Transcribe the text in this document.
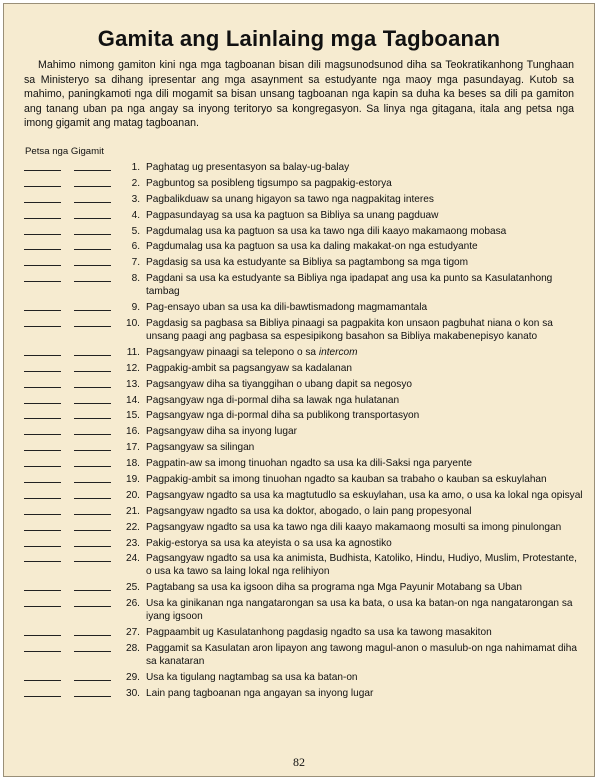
Gamita ang Lainlaing mga Tagboanan
Mahimo nimong gamiton kini nga mga tagboanan bisan dili magsunodsunod diha sa Teokratikanhong Tunghaan sa Ministeryo sa dihang ipresentar ang mga asaynment sa estudyante nga maoy mga pasundayag. Kutob sa mahimo, paningkamoti nga dili mogamit sa bisan unsang tagboanan nga kapin sa duha ka beses sa dili pa gamiton ang tanang uban pa nga angay sa inyong teritoryo sa kongregasyon. Sa linya nga gitagana, itala ang petsa nga imong gigamit ang matag tagboanan.
Petsa nga Gigamit
1. Paghatag ug presentasyon sa balay-ug-balay
2. Pagbuntog sa posibleng tigsumpo sa pagpakig-estorya
3. Pagbalikduaw sa unang higayon sa tawo nga nagpakitag interes
4. Pagpasundayag sa usa ka pagtuon sa Bibliya sa unang pagduaw
5. Pagdumalag usa ka pagtuon sa usa ka tawo nga dili kaayo makamaong mobasa
6. Pagdumalag usa ka pagtuon sa usa ka daling makakat-on nga estudyante
7. Pagdasig sa usa ka estudyante sa Bibliya sa pagtambong sa mga tigom
8. Pagdani sa usa ka estudyante sa Bibliya nga ipadapat ang usa ka punto sa Kasulatanhong tambag
9. Pag-ensayo uban sa usa ka dili-bawtismadong magmamantala
10. Pagdasig sa pagbasa sa Bibliya pinaagi sa pagpakita kon unsaon pagbuhat niana o kon sa unsang paagi ang pagbasa sa espesipikong basahon sa Bibliya makabenepisyo kanato
11. Pagsangyaw pinaagi sa telepono o sa intercom
12. Pagpakig-ambit sa pagsangyaw sa kadalanan
13. Pagsangyaw diha sa tiyanggihan o ubang dapit sa negosyo
14. Pagsangyaw nga di-pormal diha sa lawak nga hulatanan
15. Pagsangyaw nga di-pormal diha sa publikong transportasyon
16. Pagsangyaw diha sa inyong lugar
17. Pagsangyaw sa silingan
18. Pagpatin-aw sa imong tinuohan ngadto sa usa ka dili-Saksi nga paryente
19. Pagpakig-ambit sa imong tinuohan ngadto sa kauban sa trabaho o kauban sa eskuylahan
20. Pagsangyaw ngadto sa usa ka magtutudlo sa eskuylahan, usa ka amo, o usa ka lokal nga opisyal
21. Pagsangyaw ngadto sa usa ka doktor, abogado, o lain pang propesyonal
22. Pagsangyaw ngadto sa usa ka tawo nga dili kaayo makamaong mosulti sa imong pinulongan
23. Pakig-estorya sa usa ka ateyista o sa usa ka agnostiko
24. Pagsangyaw ngadto sa usa ka animista, Budhista, Katoliko, Hindu, Hudiyo, Muslim, Protestante, o usa ka tawo sa laing lokal nga relihiyon
25. Pagtabang sa usa ka igsoon diha sa programa nga Mga Payunir Motabang sa Uban
26. Usa ka ginikanan nga nangatarongan sa usa ka bata, o usa ka batan-on nga nangatarongan sa iyang igsoon
27. Pagpaambit ug Kasulatanhong pagdasig ngadto sa usa ka tawong masakiton
28. Paggamit sa Kasulatan aron lipayon ang tawong magul-anon o masulub-on nga nahimamat diha sa kanataran
29. Usa ka tigulang nagtambag sa usa ka batan-on
30. Lain pang tagboanan nga angayan sa inyong lugar
82
